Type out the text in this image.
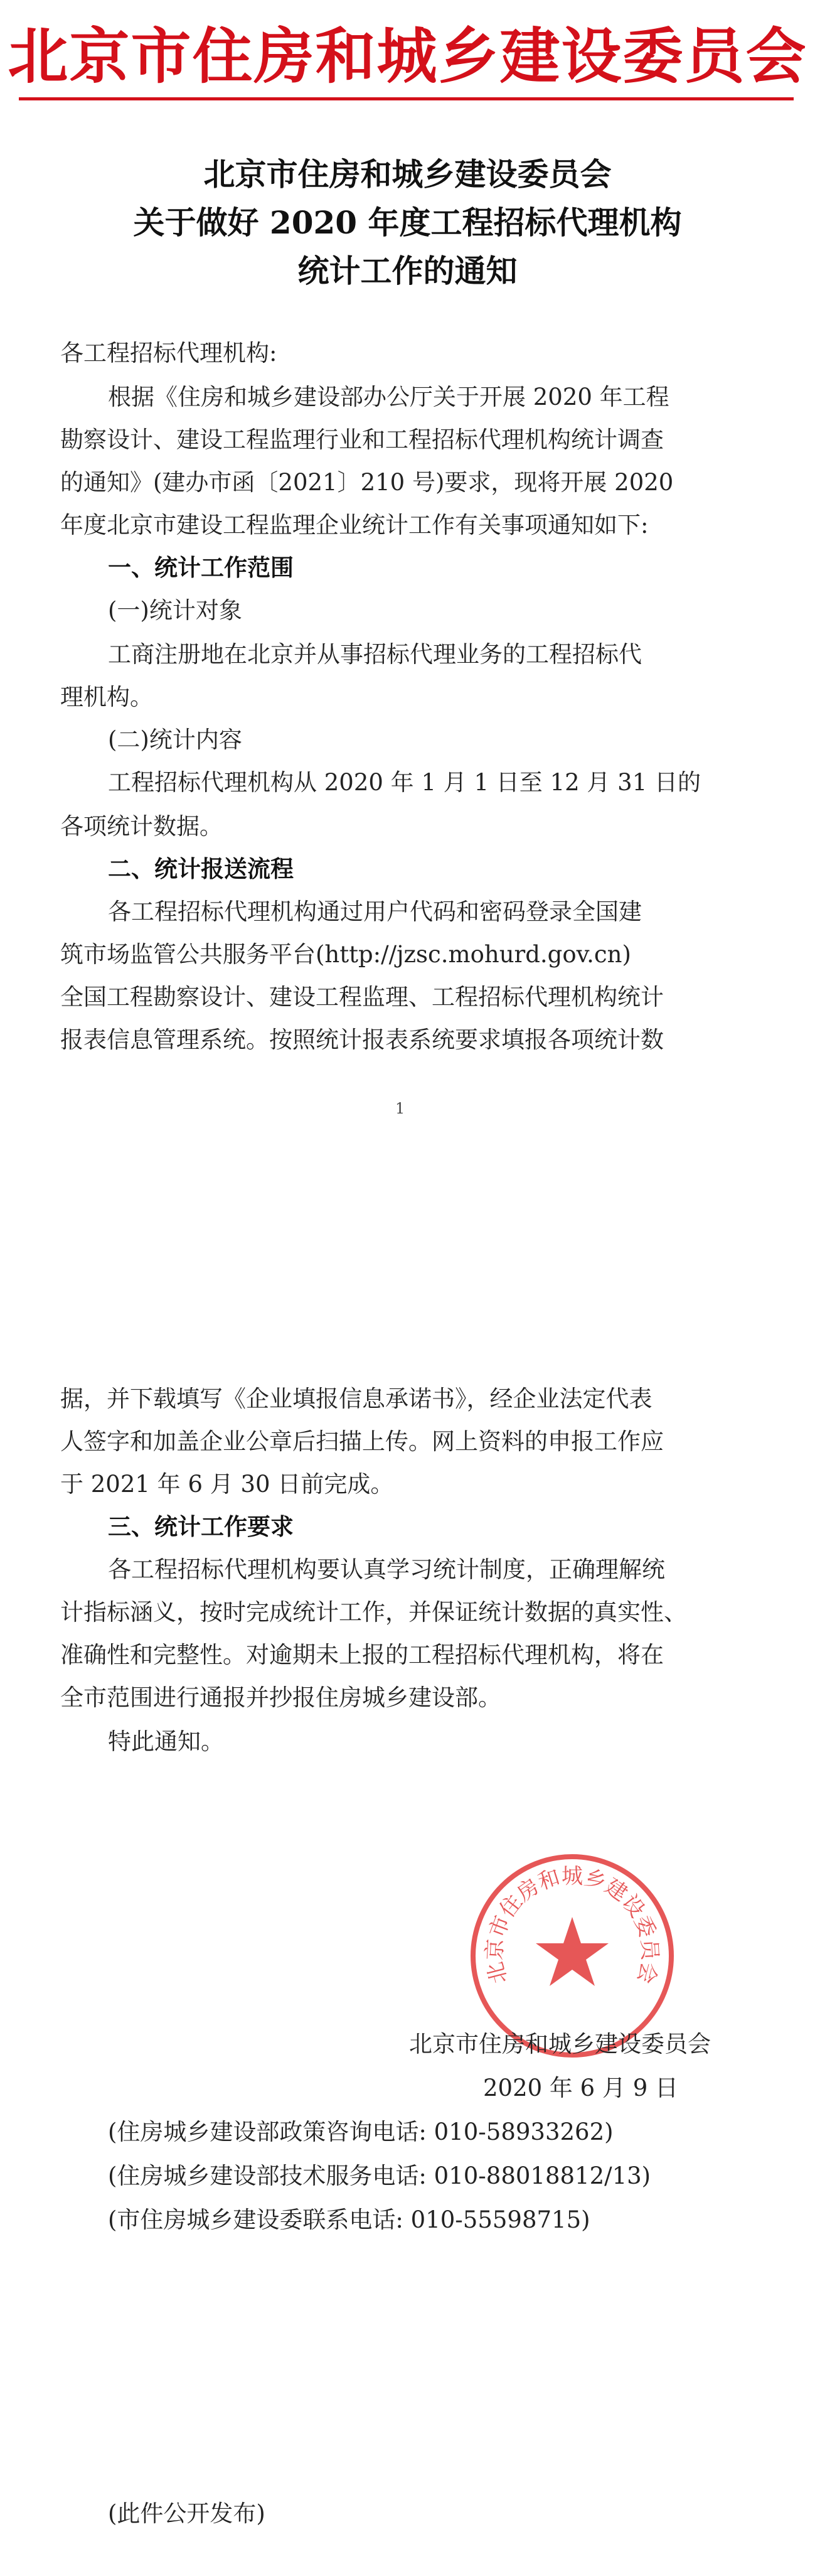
北京市住房和城乡建设委员会
北京市住房和城乡建设委员会
关于做好 2020 年度工程招标代理机构
统计工作的通知
各工程招标代理机构:
根据《住房和城乡建设部办公厅关于开展 2020 年工程
勘察设计、建设工程监理行业和工程招标代理机构统计调查
的通知》(建办市函〔2021〕210 号)要求，现将开展 2020
年度北京市建设工程监理企业统计工作有关事项通知如下:
一、统计工作范围
(一)统计对象
工商注册地在北京并从事招标代理业务的工程招标代
理机构。
(二)统计内容
工程招标代理机构从 2020 年 1 月 1 日至 12 月 31 日的
各项统计数据。
二、统计报送流程
各工程招标代理机构通过用户代码和密码登录全国建
筑市场监管公共服务平台(http://jzsc.mohurd.gov.cn)
全国工程勘察设计、建设工程监理、工程招标代理机构统计
报表信息管理系统。按照统计报表系统要求填报各项统计数
1
据，并下载填写《企业填报信息承诺书》，经企业法定代表
人签字和加盖企业公章后扫描上传。网上资料的申报工作应
于 2021 年 6 月 30 日前完成。
三、统计工作要求
各工程招标代理机构要认真学习统计制度，正确理解统
计指标涵义，按时完成统计工作，并保证统计数据的真实性、
准确性和完整性。对逾期未上报的工程招标代理机构，将在
全市范围进行通报并抄报住房城乡建设部。
特此通知。
北京市住房和城乡建设委员会
北京市住房和城乡建设委员会
2020 年 6 月 9 日
(住房城乡建设部政策咨询电话: 010-58933262)
(住房城乡建设部技术服务电话: 010-88018812/13)
(市住房城乡建设委联系电话: 010-55598715)
(此件公开发布)
